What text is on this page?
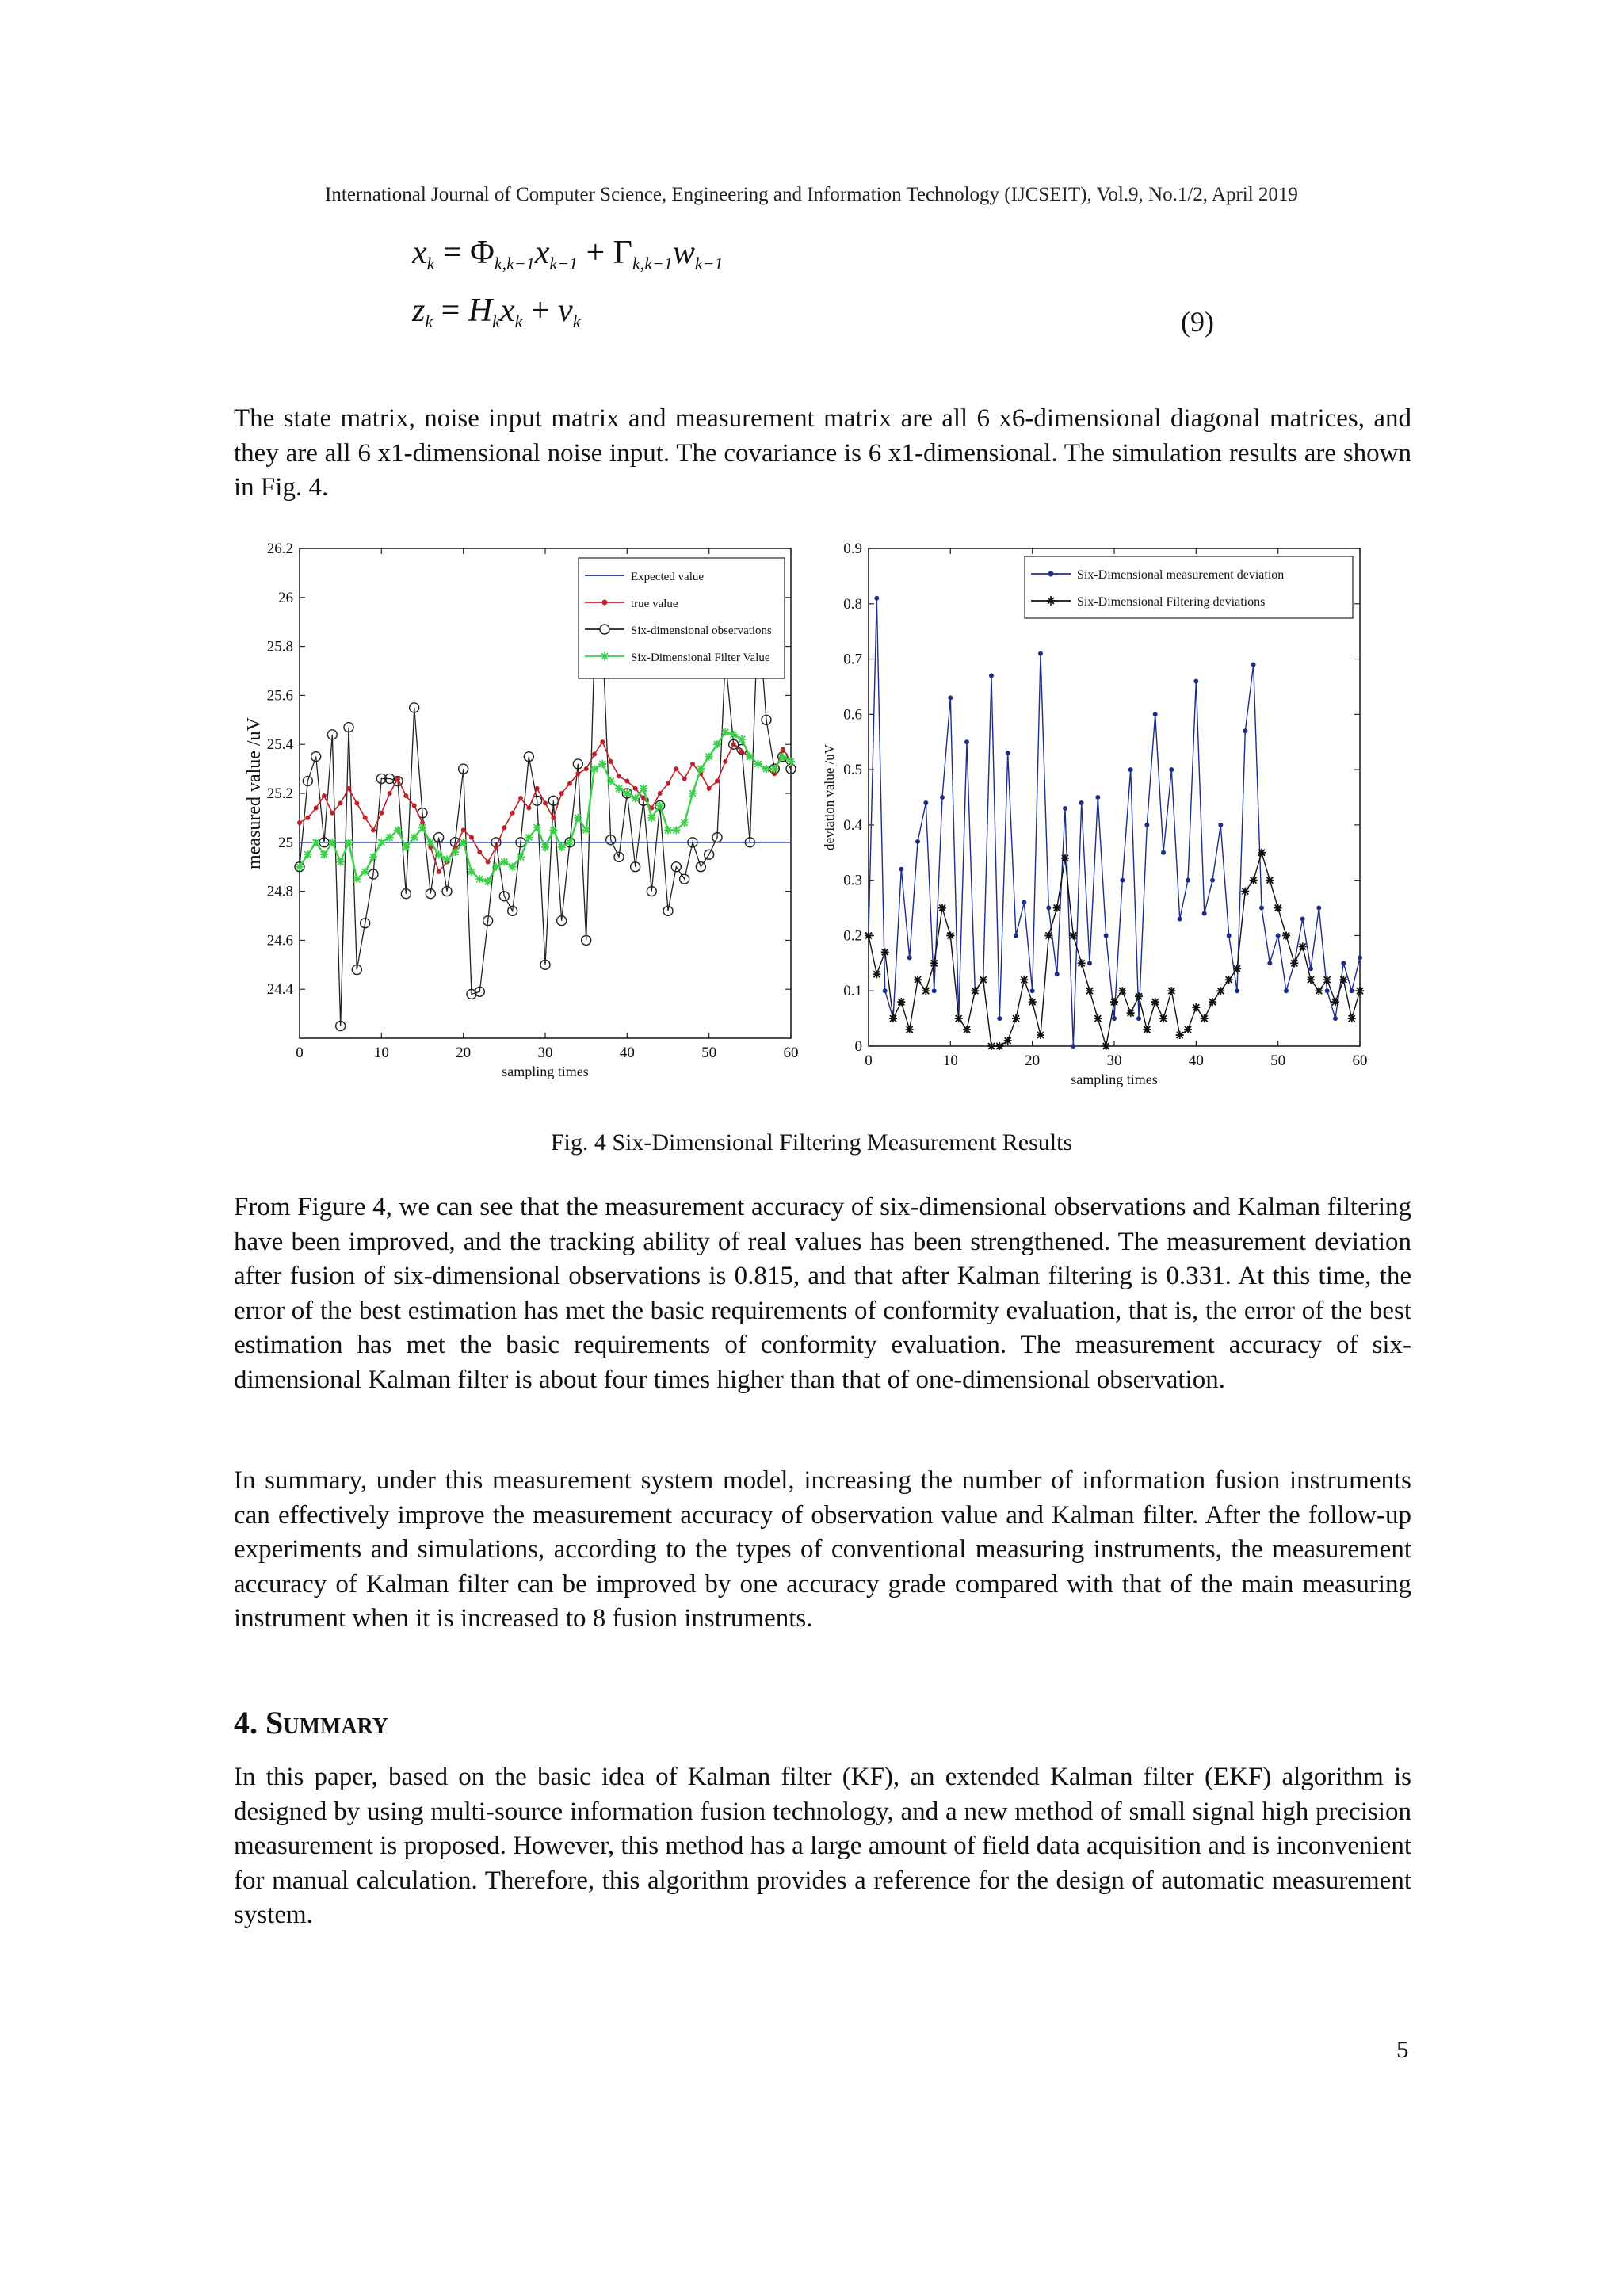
International Journal of Computer Science, Engineering and Information Technology (IJCSEIT), Vol.9, No.1/2, April 2019
$x_k = \Phi_{k,k-1}x_{k-1} + \Gamma_{k,k-1}w_{k-1}$
$z_k = H_kx_k + v_k$	(9)

The state matrix, noise input matrix and measurement matrix are all 6 x6-dimensional diagonal matrices, and they are all 6 x1-dimensional noise input. The covariance is 6 x1-dimensional. The simulation results are shown in Fig. 4.

0	10	20	30	40	50	60
24.4
24.6
24.8
25
25.2
25.4
25.6
25.8
26
26.2
sampling times
measured value /uV
Expected value
true value
Six-dimensional observations
Six-Dimensional Filter Value
0	10	20	30	40	50	60
0
0.1
0.2
0.3
0.4
0.5
0.6
0.7
0.8
0.9
sampling times
deviation value /uV
Six-Dimensional measurement deviation
Six-Dimensional Filtering deviations
Fig. 4 Six-Dimensional Filtering Measurement Results

From Figure 4, we can see that the measurement accuracy of six-dimensional observations and Kalman filtering have been improved, and the tracking ability of real values has been strengthened. The measurement deviation after fusion of six-dimensional observations is 0.815, and that after Kalman filtering is 0.331. At this time, the error of the best estimation has met the basic requirements of conformity evaluation, that is, the error of the best estimation has met the basic requirements of conformity evaluation. The measurement accuracy of six-dimensional Kalman filter is about four times higher than that of one-dimensional observation.

In summary, under this measurement system model, increasing the number of information fusion instruments can effectively improve the measurement accuracy of observation value and Kalman filter. After the follow-up experiments and simulations, according to the types of conventional measuring instruments, the measurement accuracy of Kalman filter can be improved by one accuracy grade compared with that of the main measuring instrument when it is increased to 8 fusion instruments.

4. Summary

In this paper, based on the basic idea of Kalman filter (KF), an extended Kalman filter (EKF) algorithm is designed by using multi-source information fusion technology, and a new method of small signal high precision measurement is proposed. However, this method has a large amount of field data acquisition and is inconvenient for manual calculation. Therefore, this algorithm provides a reference for the design of automatic measurement system.

5
